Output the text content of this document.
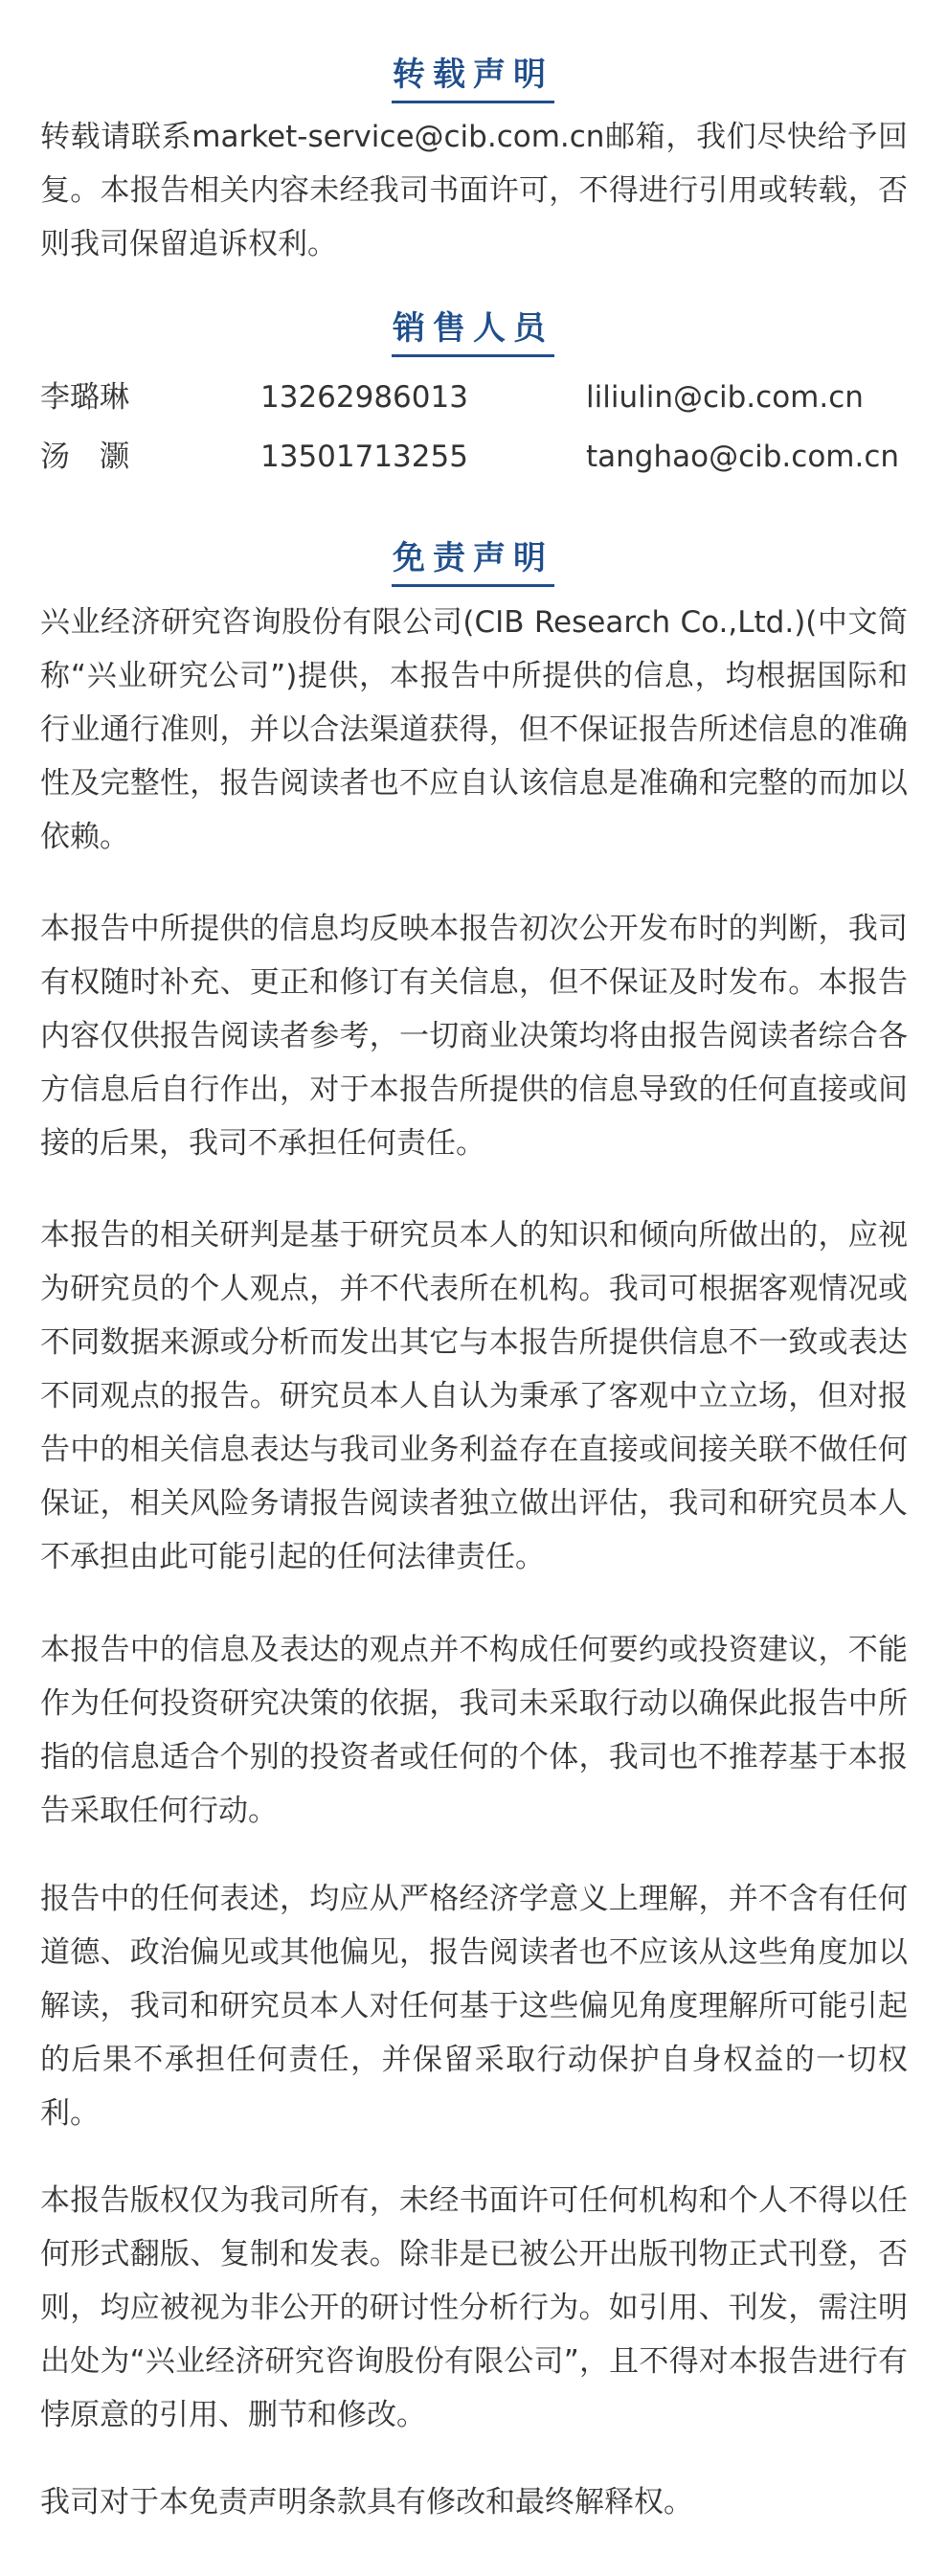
转载声明

转载请联系market-service@cib.com.cn邮箱，我们尽快给予回复。本报告相关内容未经我司书面许可，不得进行引用或转载，否则我司保留追诉权利。

销售人员
李璐琳	13262986013	liliulin@cib.com.cn
汤　灏	13501713255	tanghao@cib.com.cn
免责声明

兴业经济研究咨询股份有限公司(CIB Research Co.,Ltd.)(中文简称“兴业研究公司”)提供，本报告中所提供的信息，均根据国际和行业通行准则，并以合法渠道获得，但不保证报告所述信息的准确性及完整性，报告阅读者也不应自认该信息是准确和完整的而加以依赖。

本报告中所提供的信息均反映本报告初次公开发布时的判断，我司有权随时补充、更正和修订有关信息，但不保证及时发布。本报告内容仅供报告阅读者参考，一切商业决策均将由报告阅读者综合各方信息后自行作出，对于本报告所提供的信息导致的任何直接或间接的后果，我司不承担任何责任。

本报告的相关研判是基于研究员本人的知识和倾向所做出的，应视为研究员的个人观点，并不代表所在机构。我司可根据客观情况或不同数据来源或分析而发出其它与本报告所提供信息不一致或表达不同观点的报告。研究员本人自认为秉承了客观中立立场，但对报告中的相关信息表达与我司业务利益存在直接或间接关联不做任何保证，相关风险务请报告阅读者独立做出评估，我司和研究员本人不承担由此可能引起的任何法律责任。

本报告中的信息及表达的观点并不构成任何要约或投资建议，不能作为任何投资研究决策的依据，我司未采取行动以确保此报告中所指的信息适合个别的投资者或任何的个体，我司也不推荐基于本报告采取任何行动。

报告中的任何表述，均应从严格经济学意义上理解，并不含有任何道德、政治偏见或其他偏见，报告阅读者也不应该从这些角度加以解读，我司和研究员本人对任何基于这些偏见角度理解所可能引起的后果不承担任何责任，并保留采取行动保护自身权益的一切权利。

本报告版权仅为我司所有，未经书面许可任何机构和个人不得以任何形式翻版、复制和发表。除非是已被公开出版刊物正式刊登，否则，均应被视为非公开的研讨性分析行为。如引用、刊发，需注明出处为“兴业经济研究咨询股份有限公司”，且不得对本报告进行有悖原意的引用、删节和修改。

我司对于本免责声明条款具有修改和最终解释权。
